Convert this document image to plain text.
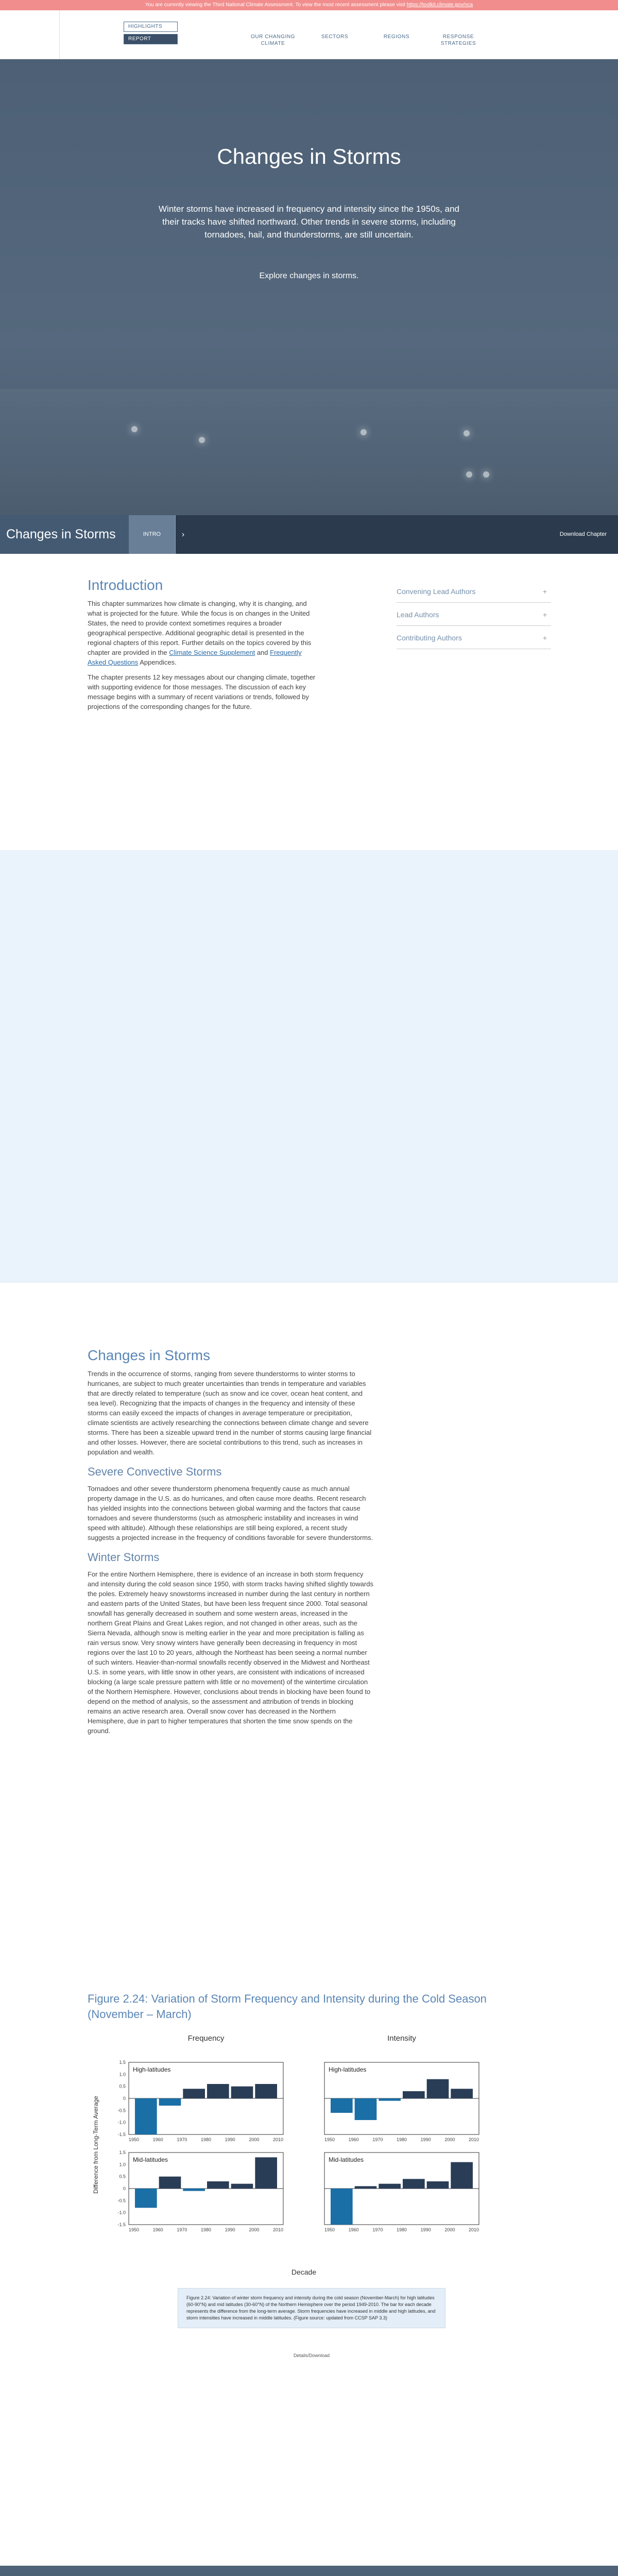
You are currently viewing the Third National Climate Assessment. To view the most recent assessment please visit https://toolkit.climate.gov/nca
HIGHLIGHTS
REPORT	OUR CHANGING CLIMATE
SECTORS	REGIONS	RESPONSE STRATEGIES
Changes in Storms

Winter storms have increased in frequency and intensity since the 1950s, and their tracks have shifted northward. Other trends in severe storms, including tornadoes, hail, and thunderstorms, are still uncertain.

Explore changes in storms.

Changes in Storms	INTRO	›	Download Chapter
Introduction

This chapter summarizes how climate is changing, why it is changing, and what is projected for the future. While the focus is on changes in the United States, the need to provide context sometimes requires a broader geographical perspective. Additional geographic detail is presented in the regional chapters of this report. Further details on the topics covered by this chapter are provided in the Climate Science Supplement and Frequently Asked Questions Appendices.

The chapter presents 12 key messages about our changing climate, together with supporting evidence for those messages. The discussion of each key message begins with a summary of recent variations or trends, followed by projections of the corresponding changes for the future.

Convening Lead Authors	+
Lead Authors	+
Contributing Authors	+
Changes in Storms

Trends in the occurrence of storms, ranging from severe thunderstorms to winter storms to hurricanes, are subject to much greater uncertainties than trends in temperature and variables that are directly related to temperature (such as snow and ice cover, ocean heat content, and sea level). Recognizing that the impacts of changes in the frequency and intensity of these storms can easily exceed the impacts of changes in average temperature or precipitation, climate scientists are actively researching the connections between climate change and severe storms. There has been a sizeable upward trend in the number of storms causing large financial and other losses. However, there are societal contributions to this trend, such as increases in population and wealth.

Severe Convective Storms

Tornadoes and other severe thunderstorm phenomena frequently cause as much annual property damage in the U.S. as do hurricanes, and often cause more deaths. Recent research has yielded insights into the connections between global warming and the factors that cause tornadoes and severe thunderstorms (such as atmospheric instability and increases in wind speed with altitude). Although these relationships are still being explored, a recent study suggests a projected increase in the frequency of conditions favorable for severe thunderstorms.

Winter Storms

For the entire Northern Hemisphere, there is evidence of an increase in both storm frequency and intensity during the cold season since 1950, with storm tracks having shifted slightly towards the poles. Extremely heavy snowstorms increased in number during the last century in northern and eastern parts of the United States, but have been less frequent since 2000. Total seasonal snowfall has generally decreased in southern and some western areas, increased in the northern Great Plains and Great Lakes region, and not changed in other areas, such as the Sierra Nevada, although snow is melting earlier in the year and more precipitation is falling as rain versus snow. Very snowy winters have generally been decreasing in frequency in most regions over the last 10 to 20 years, although the Northeast has been seeing a normal number of such winters. Heavier-than-normal snowfalls recently observed in the Midwest and Northeast U.S. in some years, with little snow in other years, are consistent with indications of increased blocking (a large scale pressure pattern with little or no movement) of the wintertime circulation of the Northern Hemisphere. However, conclusions about trends in blocking have been found to depend on the method of analysis, so the assessment and attribution of trends in blocking remains an active research area. Overall snow cover has decreased in the Northern Hemisphere, due in part to higher temperatures that shorten the time snow spends on the ground.

Figure 2.24: Variation of Storm Frequency and Intensity during the Cold Season (November – March)
Frequency	Intensity
Difference from Long-Term Average
Decade
High-latitudes
1.5
1.0
0.5
0
-0.5
-1.0
-1.5
1950	1960	1970	1980	1990	2000	2010
High-latitudes
1950	1960	1970	1980	1990	2000	2010
Mid-latitudes
1.5
1.0
0.5
0
-0.5
-1.0
-1.5
1950	1960	1970	1980	1990	2000	2010
Mid-latitudes
1950	1960	1970	1980	1990	2000	2010
Figure 2.24: Variation of winter storm frequency and intensity during the cold season (November-March) for high latitudes (60-90°N) and mid latitudes (30-60°N) of the Northern Hemisphere over the period 1949-2010. The bar for each decade represents the difference from the long-term average. Storm frequencies have increased in middle and high latitudes, and storm intensities have increased in middle latitudes. (Figure source: updated from CCSP SAP 3.3)
Details/Download
